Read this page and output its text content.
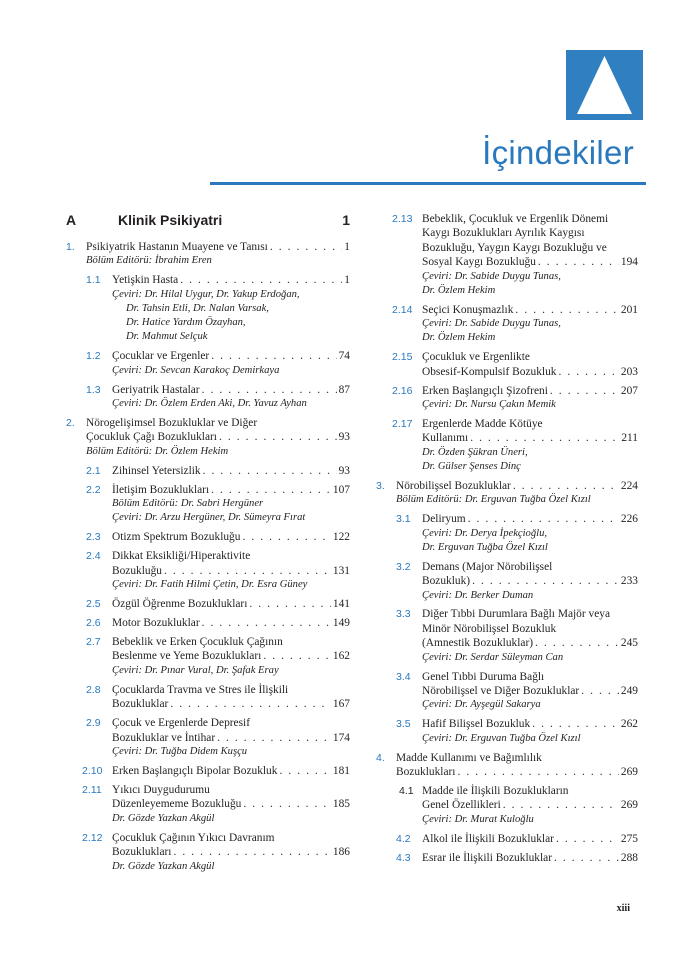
İçindekiler
A	Klinik Psikiyatri	1
1. Psikiyatrik Hastanın Muayene ve Tanısı . . .	1
Bölüm Editörü: İbrahim Eren
1.1 Yetişkin Hasta . . .	1
Çeviri: Dr. Hilal Uygur, Dr. Yakup Erdoğan,
Dr. Tahsin Etli, Dr. Nalan Varsak,
Dr. Hatice Yardım Özayhan,
Dr. Mahmut Selçuk
1.2 Çocuklar ve Ergenler . . .	74
Çeviri: Dr. Sevcan Karakoç Demirkaya
1.3 Geriyatrik Hastalar . . .	87
Çeviri: Dr. Özlem Erden Aki, Dr. Yavuz Ayhan
2. Nörogelişimsel Bozukluklar ve Diğer
Çocukluk Çağı Bozuklukları . . .	93
Bölüm Editörü: Dr. Özlem Hekim
2.1 Zihinsel Yetersizlik . . .	93
2.2 İletişim Bozuklukları . . .	107
Bölüm Editörü: Dr. Sabri Hergüner
Çeviri: Dr. Arzu Hergüner, Dr. Sümeyra Fırat
2.3 Otizm Spektrum Bozukluğu . . .	122
2.4 Dikkat Eksikliği/Hiperaktivite
Bozukluğu . . .	131
Çeviri: Dr. Fatih Hilmi Çetin, Dr. Esra Güney
2.5 Özgül Öğrenme Bozuklukları . . .	141
2.6 Motor Bozukluklar . . .	149
2.7 Bebeklik ve Erken Çocukluk Çağının
Beslenme ve Yeme Bozuklukları . . .	162
Çeviri: Dr. Pınar Vural, Dr. Şafak Eray
2.8 Çocuklarda Travma ve Stres ile İlişkili
Bozukluklar . . .	167
2.9 Çocuk ve Ergenlerde Depresif
Bozukluklar ve İntihar . . .	174
Çeviri: Dr. Tuğba Didem Kuşçu
2.10 Erken Başlangıçlı Bipolar Bozukluk . . .	181
2.11 Yıkıcı Duygudurumu
Düzenleyememe Bozukluğu . . .	185
Dr. Gözde Yazkan Akgül
2.12 Çocukluk Çağının Yıkıcı Davranım
Bozuklukları . . .	186
Dr. Gözde Yazkan Akgül
2.13 Bebeklik, Çocukluk ve Ergenlik Dönemi
Kaygı Bozuklukları Ayrılık Kaygısı
Bozukluğu, Yaygın Kaygı Bozukluğu ve
Sosyal Kaygı Bozukluğu . . .	194
Çeviri: Dr. Sabide Duygu Tunas,
Dr. Özlem Hekim
2.14 Seçici Konuşmazlık . . .	201
Çeviri: Dr. Sabide Duygu Tunas,
Dr. Özlem Hekim
2.15 Çocukluk ve Ergenlikte
Obsesif-Kompulsif Bozukluk . . .	203
2.16 Erken Başlangıçlı Şizofreni . . .	207
Çeviri: Dr. Nursu Çakın Memik
2.17 Ergenlerde Madde Kötüye
Kullanımı . . .	211
Dr. Özden Şükran Üneri,
Dr. Gülser Şenses Dinç
3. Nörobilişsel Bozukluklar . . .	224
Bölüm Editörü: Dr. Erguvan Tuğba Özel Kızıl
3.1 Deliryum . . .	226
Çeviri: Dr. Derya İpekçioğlu,
Dr. Erguvan Tuğba Özel Kızıl
3.2 Demans (Major Nörobilişsel
Bozukluk) . . .	233
Çeviri: Dr. Berker Duman
3.3 Diğer Tıbbi Durumlara Bağlı Majör veya
Minör Nörobilişsel Bozukluk
(Amnestik Bozukluklar) . . .	245
Çeviri: Dr. Serdar Süleyman Can
3.4 Genel Tıbbi Duruma Bağlı
Nörobilişsel ve Diğer Bozukluklar . . .	249
Çeviri: Dr. Ayşegül Sakarya
3.5 Hafif Bilişsel Bozukluk . . .	262
Çeviri: Dr. Erguvan Tuğba Özel Kızıl
4. Madde Kullanımı ve Bağımlılık
Bozuklukları . . .	269
4.1 Madde ile İlişkili Bozuklukların
Genel Özellikleri . . .	269
Çeviri: Dr. Murat Kuloğlu
4.2 Alkol ile İlişkili Bozukluklar . . .	275
4.3 Esrar ile İlişkili Bozukluklar . . .	288
xiii
